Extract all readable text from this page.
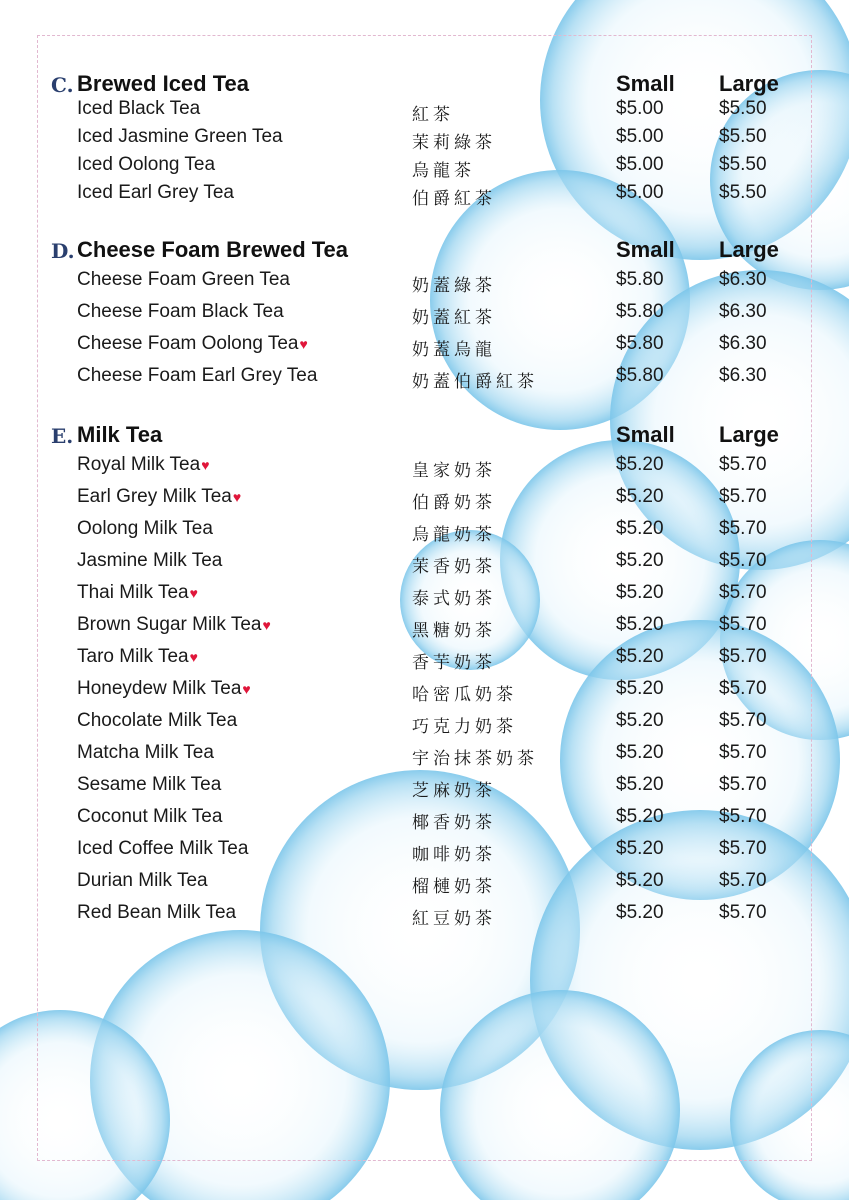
C. Brewed Iced Tea	Small Large
Iced Black Tea	紅茶	$5.00	$5.50
Iced Jasmine Green Tea	茉莉綠茶	$5.00	$5.50
Iced Oolong Tea	烏龍茶	$5.00	$5.50
Iced Earl Grey Tea	伯爵紅茶	$5.00	$5.50
D. Cheese Foam Brewed Tea	Small Large
Cheese Foam Green Tea	奶蓋綠茶	$5.80	$6.30
Cheese Foam Black Tea	奶蓋紅茶	$5.80	$6.30
Cheese Foam Oolong Tea♥	奶蓋烏龍	$5.80	$6.30
Cheese Foam Earl Grey Tea	奶蓋伯爵紅茶	$5.80	$6.30
E. Milk Tea	Small Large
Royal Milk Tea♥	皇家奶茶	$5.20	$5.70
Earl Grey Milk Tea♥	伯爵奶茶	$5.20	$5.70
Oolong Milk Tea	烏龍奶茶	$5.20	$5.70
Jasmine Milk Tea	茉香奶茶	$5.20	$5.70
Thai Milk Tea♥	泰式奶茶	$5.20	$5.70
Brown Sugar Milk Tea♥	黑糖奶茶	$5.20	$5.70
Taro Milk Tea♥	香芋奶茶	$5.20	$5.70
Honeydew Milk Tea♥	哈密瓜奶茶	$5.20	$5.70
Chocolate Milk Tea	巧克力奶茶	$5.20	$5.70
Matcha Milk Tea	宇治抹茶奶茶	$5.20	$5.70
Sesame Milk Tea	芝麻奶茶	$5.20	$5.70
Coconut Milk Tea	椰香奶茶	$5.20	$5.70
Iced Coffee Milk Tea	咖啡奶茶	$5.20	$5.70
Durian Milk Tea	榴槤奶茶	$5.20	$5.70
Red Bean Milk Tea	紅豆奶茶	$5.20	$5.70
